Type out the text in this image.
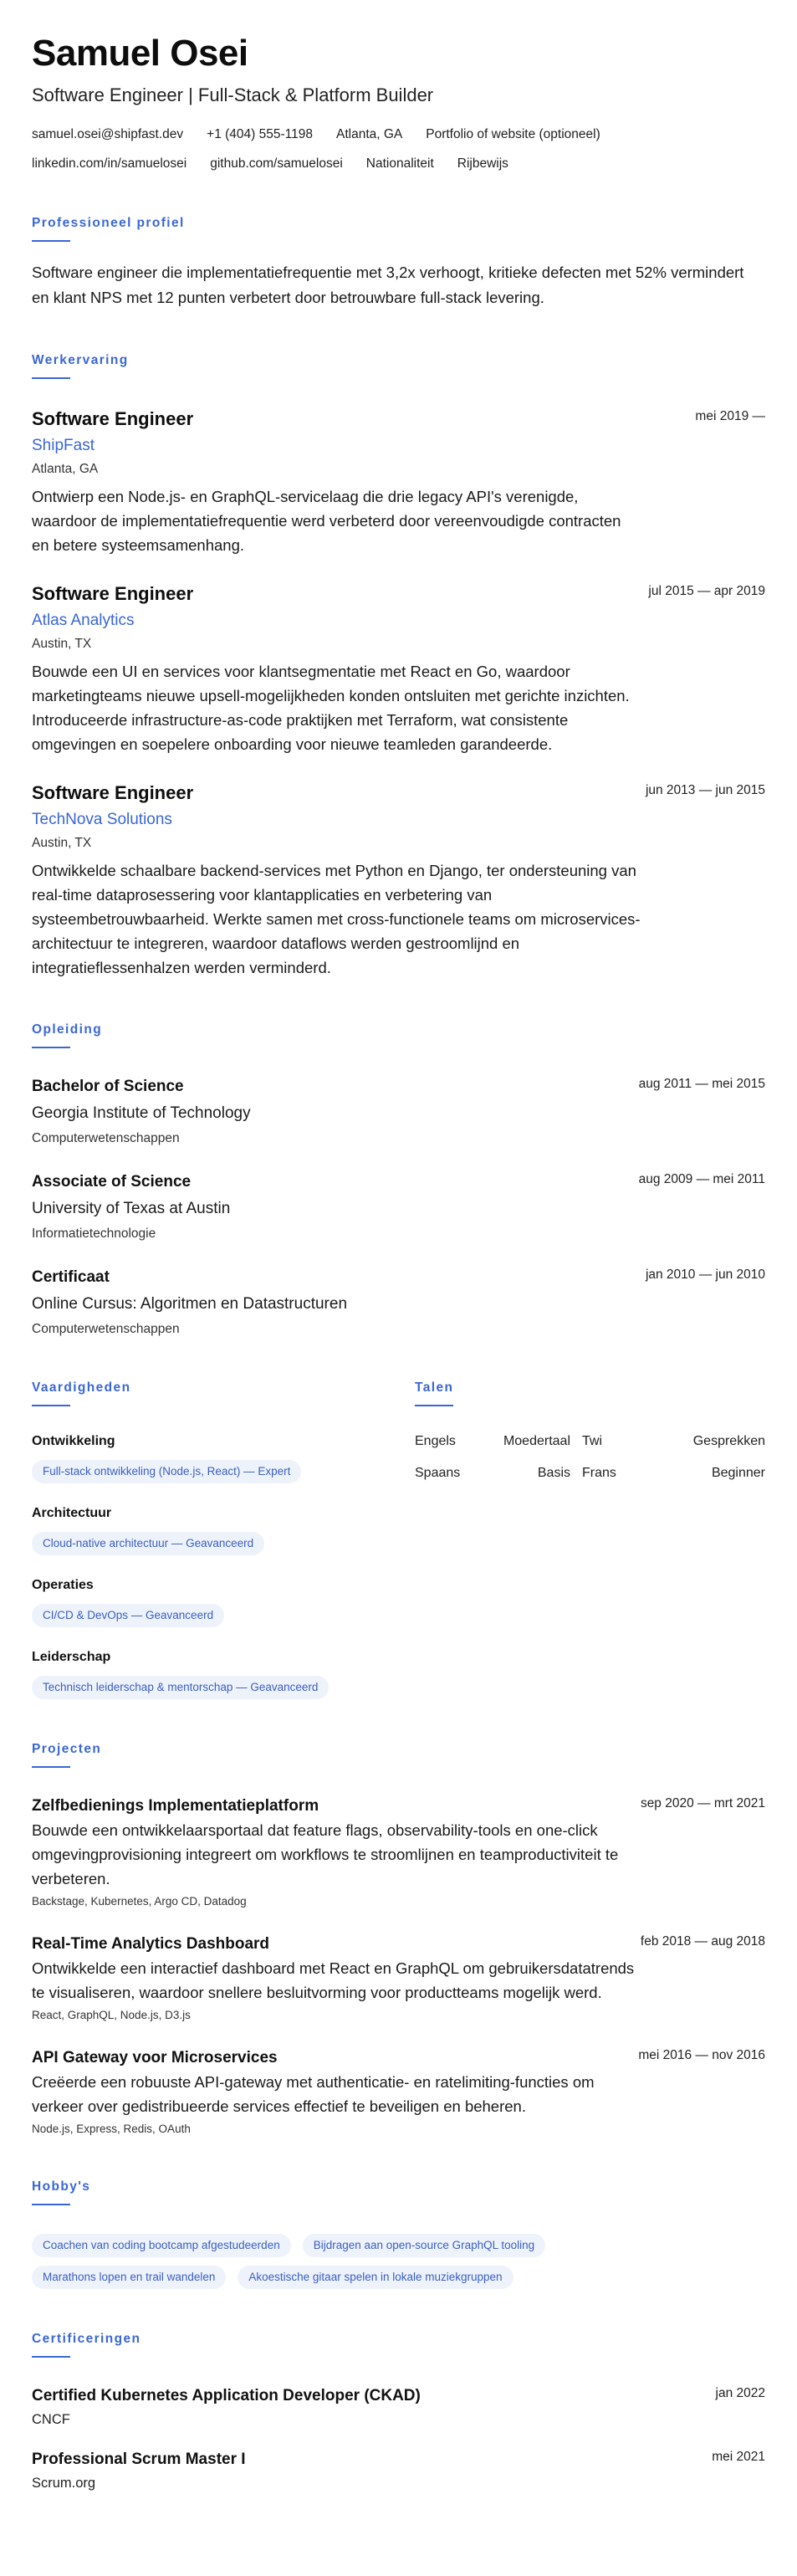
Samuel Osei
Software Engineer | Full-Stack & Platform Builder
samuel.osei@shipfast.dev +1 (404) 555-1198 Atlanta, GA Portfolio of website (optioneel)
linkedin.com/in/samuelosei github.com/samuelosei Nationaliteit Rijbewijs
Professioneel profiel
Software engineer die implementatiefrequentie met 3,2x verhoogt, kritieke defecten met 52% vermindert en klant NPS met 12 punten verbetert door betrouwbare full-stack levering.
Werkervaring
Software Engineer	mei 2019 —
ShipFast
Atlanta, GA
Ontwierp een Node.js- en GraphQL-servicelaag die drie legacy API's verenigde, waardoor de implementatiefrequentie werd verbeterd door vereenvoudigde contracten en betere systeemsamenhang.
Software Engineer	jul 2015 — apr 2019
Atlas Analytics
Austin, TX
Bouwde een UI en services voor klantsegmentatie met React en Go, waardoor marketingteams nieuwe upsell-mogelijkheden konden ontsluiten met gerichte inzichten. Introduceerde infrastructure-as-code praktijken met Terraform, wat consistente omgevingen en soepelere onboarding voor nieuwe teamleden garandeerde.
Software Engineer	jun 2013 — jun 2015
TechNova Solutions
Austin, TX
Ontwikkelde schaalbare backend-services met Python en Django, ter ondersteuning van real-time dataprosessering voor klantapplicaties en verbetering van systeembetrouwbaarheid. Werkte samen met cross-functionele teams om microservices-architectuur te integreren, waardoor dataflows werden gestroomlijnd en integratieflessenhalzen werden verminderd.
Opleiding
Bachelor of Science	aug 2011 — mei 2015
Georgia Institute of Technology
Computerwetenschappen
Associate of Science	aug 2009 — mei 2011
University of Texas at Austin
Informatietechnologie
Certificaat	jan 2010 — jun 2010
Online Cursus: Algoritmen en Datastructuren
Computerwetenschappen
Vaardigheden
Ontwikkeling
Full-stack ontwikkeling (Node.js, React) — Expert
Architectuur
Cloud-native architectuur — Geavanceerd
Operaties
CI/CD & DevOps — Geavanceerd
Leiderschap
Technisch leiderschap & mentorschap — Geavanceerd
Talen
Engels	Moedertaal Twi	Gesprekken
Spaans	Basis Frans	Beginner
Projecten
Zelfbedienings Implementatieplatform	sep 2020 — mrt 2021
Bouwde een ontwikkelaarsportaal dat feature flags, observability-tools en one-click omgevingprovisioning integreert om workflows te stroomlijnen en teamproductiviteit te verbeteren.
Backstage, Kubernetes, Argo CD, Datadog
Real-Time Analytics Dashboard	feb 2018 — aug 2018
Ontwikkelde een interactief dashboard met React en GraphQL om gebruikersdatatrends te visualiseren, waardoor snellere besluitvorming voor productteams mogelijk werd.
React, GraphQL, Node.js, D3.js
API Gateway voor Microservices	mei 2016 — nov 2016
Creëerde een robuuste API-gateway met authenticatie- en ratelimiting-functies om verkeer over gedistribueerde services effectief te beveiligen en beheren.
Node.js, Express, Redis, OAuth
Hobby's
Coachen van coding bootcamp afgestudeerden	Bijdragen aan open-source GraphQL tooling
Marathons lopen en trail wandelen	Akoestische gitaar spelen in lokale muziekgruppen
Certificeringen
Certified Kubernetes Application Developer (CKAD)	jan 2022
CNCF
Professional Scrum Master I	mei 2021
Scrum.org
